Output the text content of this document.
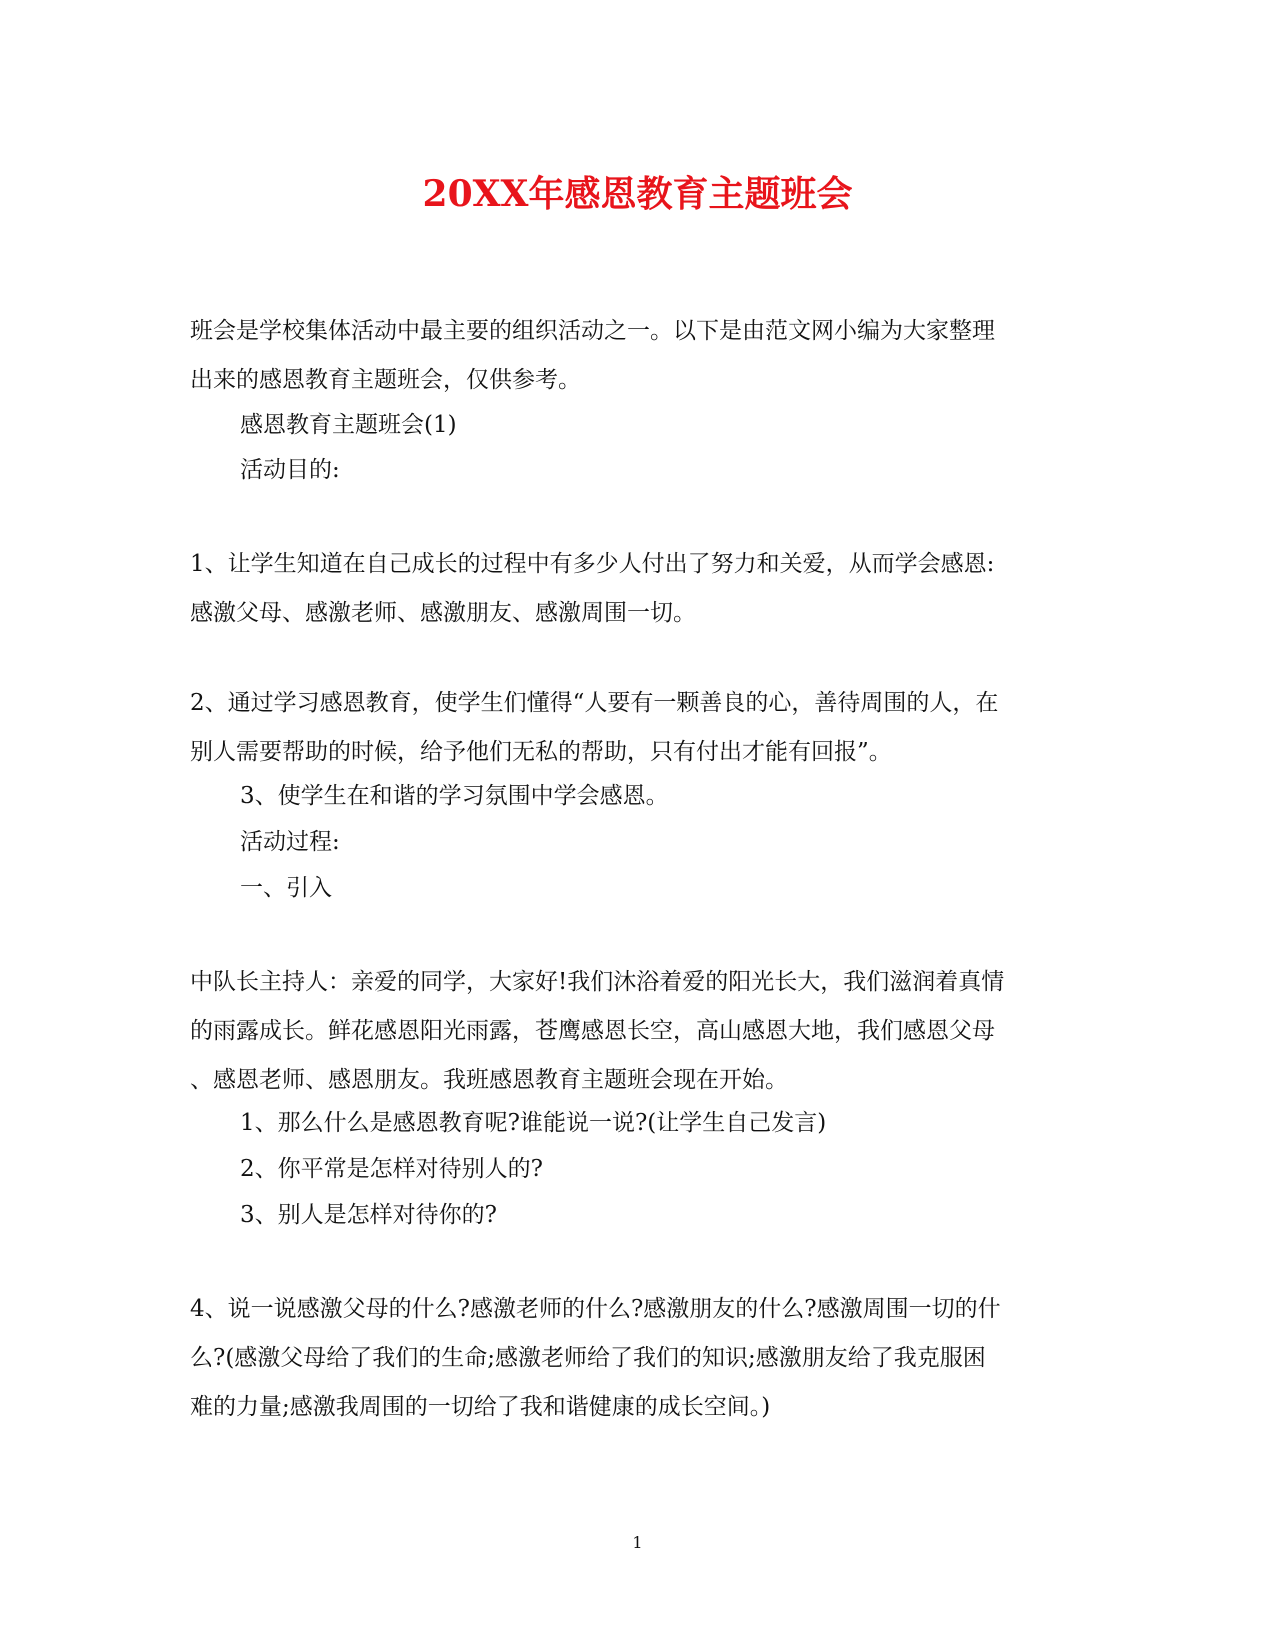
20XX年感恩教育主题班会
班会是学校集体活动中最主要的组织活动之一。以下是由范文网小编为大家整理
出来的感恩教育主题班会，仅供参考。
感恩教育主题班会(1)
活动目的:
1、让学生知道在自己成长的过程中有多少人付出了努力和关爱，从而学会感恩:
感激父母、感激老师、感激朋友、感激周围一切。
2、通过学习感恩教育，使学生们懂得“人要有一颗善良的心，善待周围的人，在
别人需要帮助的时候，给予他们无私的帮助，只有付出才能有回报”。
3、使学生在和谐的学习氛围中学会感恩。
活动过程:
一、引入
中队长主持人：亲爱的同学，大家好!我们沐浴着爱的阳光长大，我们滋润着真情
的雨露成长。鲜花感恩阳光雨露，苍鹰感恩长空，高山感恩大地，我们感恩父母
、感恩老师、感恩朋友。我班感恩教育主题班会现在开始。
1、那么什么是感恩教育呢?谁能说一说?(让学生自己发言)
2、你平常是怎样对待别人的?
3、别人是怎样对待你的?
4、说一说感激父母的什么?感激老师的什么?感激朋友的什么?感激周围一切的什
么?(感激父母给了我们的生命;感激老师给了我们的知识;感激朋友给了我克服困
难的力量;感激我周围的一切给了我和谐健康的成长空间。)
1
